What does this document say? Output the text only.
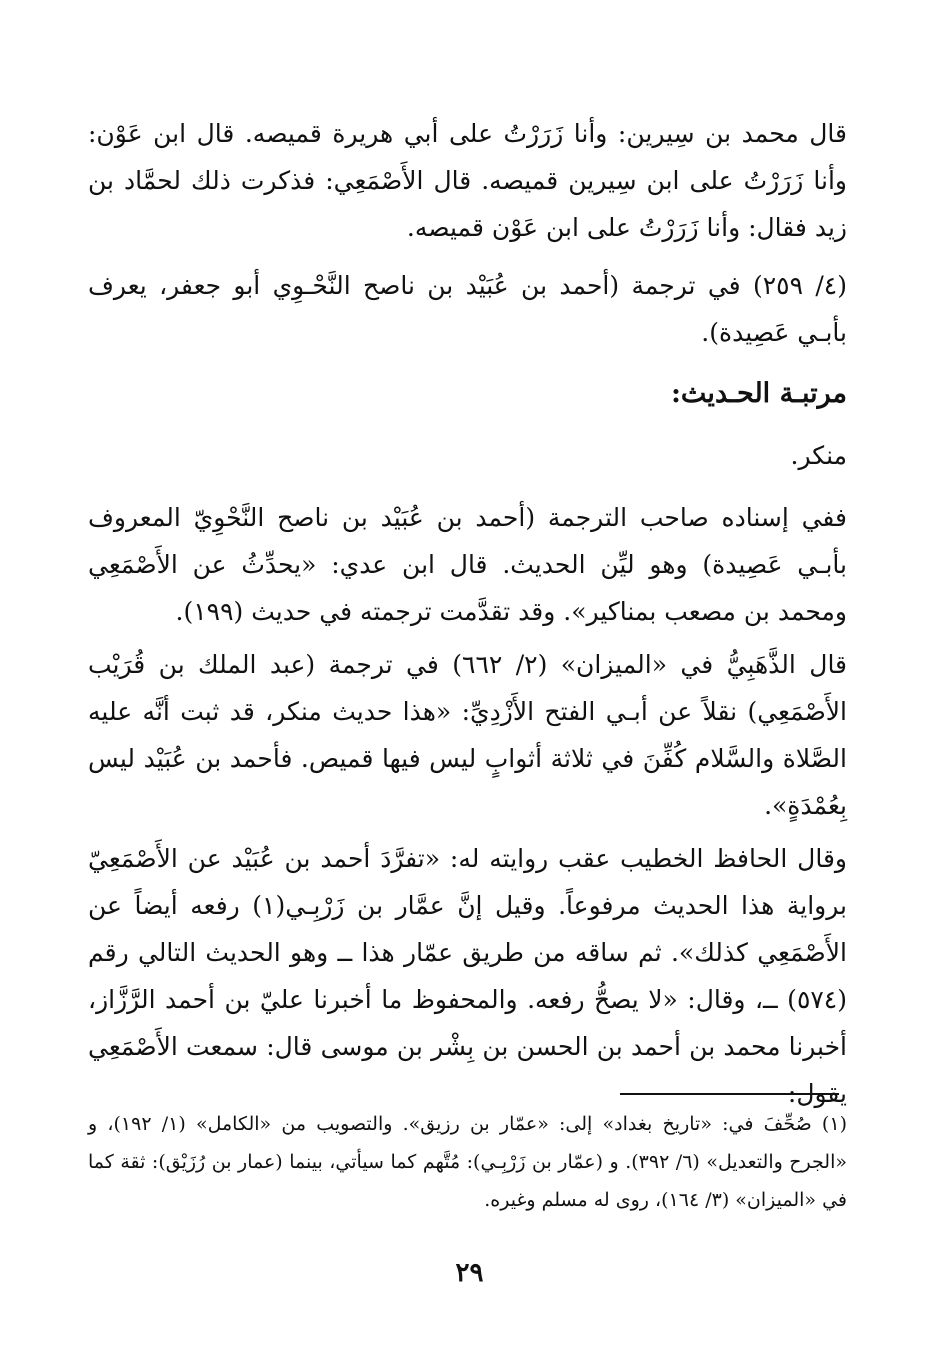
قال محمد بن سِيرين: وأنا زَرَرْتُ على أبي هريرة قميصه. قال ابن عَوْن: وأنا زَرَرْتُ على ابن سِيرين قميصه. قال الأَصْمَعِي: فذكرت ذلك لحمَّاد بن زيد فقال: وأنا زَرَرْتُ على ابن عَوْن قميصه.

(٤/ ٢٥٩) في ترجمة (أحمد بن عُبَيْد بن ناصح النَّحْـوِي أبو جعفر، يعرف بأبـي عَصِيدة).

مرتبـة الحـديث:

منكر.

ففي إسناده صاحب الترجمة (أحمد بن عُبَيْد بن ناصح النَّحْوِيّ المعروف بأبـي عَصِيدة) وهو ليِّن الحديث. قال ابن عدي: «يحدِّثُ عن الأَصْمَعِي ومحمد بن مصعب بمناكير». وقد تقدَّمت ترجمته في حديث (١٩٩).

قال الذَّهَبِيُّ في «الميزان» (٢/ ٦٦٢) في ترجمة (عبد الملك بن قُرَيْب الأَصْمَعِي) نقلاً عن أبـي الفتح الأَزْدِيِّ: «هذا حديث منكر، قد ثبت أنَّه عليه الصَّلاة والسَّلام كُفِّنَ في ثلاثة أثوابٍ ليس فيها قميص. فأحمد بن عُبَيْد ليس بِعُمْدَةٍ».

وقال الحافظ الخطيب عقب روايته له: «تفرَّدَ أحمد بن عُبَيْد عن الأَصْمَعِيّ برواية هذا الحديث مرفوعاً. وقيل إنَّ عمَّار بن زَرْبِـي(١) رفعه أيضاً عن الأَصْمَعِي كذلك». ثم ساقه من طريق عمّار هذا ــ وهو الحديث التالي رقم (٥٧٤) ــ، وقال: «لا يصحُّ رفعه. والمحفوظ ما أخبرنا عليّ بن أحمد الرَّزَّاز، أخبرنا محمد بن أحمد بن الحسن بن بِشْر بن موسى قال: سمعت الأَصْمَعِي يقول:

(١) صُحِّفَ في: «تاريخ بغداد» إلى: «عمّار بن رزيق». والتصويب من «الكامل» (١/ ١٩٢)، و «الجرح والتعديل» (٦/ ٣٩٢). و (عمّار بن زَرْبِـي): مُتَّهم كما سيأتي، بينما (عمار بن رُزَيْق): ثقة كما في «الميزان» (٣/ ١٦٤)، روى له مسلم وغيره.

٢٩
